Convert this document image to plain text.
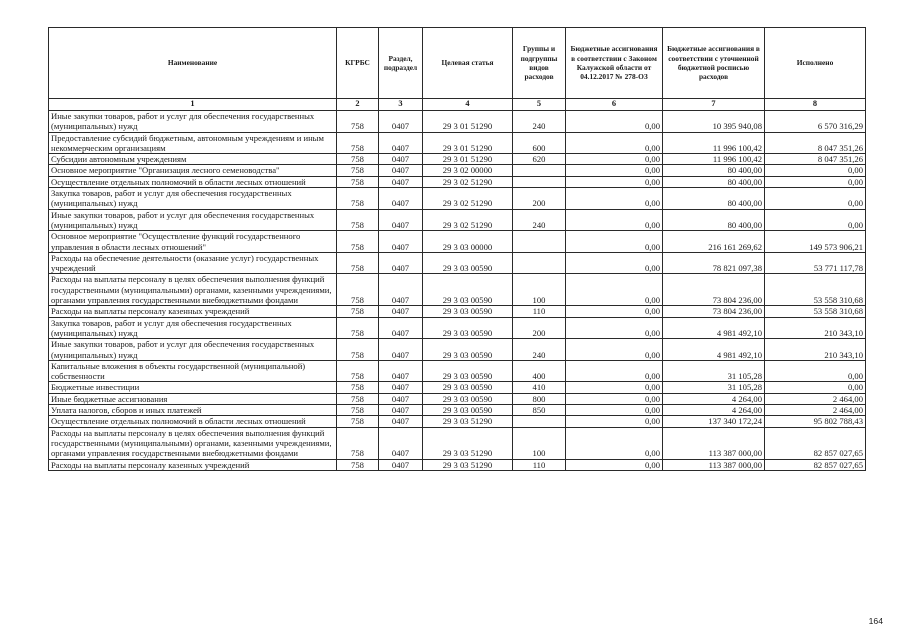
Наименование	КГРБС	Раздел, подраздел	Целевая статья	Группы и подгруппы видов расходов	Бюджетные ассигнования в соответствии с Законом Калужской области от 04.12.2017 № 278-ОЗ	Бюджетные ассигнования в соответствии с уточненной бюджетной росписью расходов	Исполнено
1	2	3	4	5	6	7	8
Иные закупки товаров, работ и услуг для обеспечения государственных (муниципальных) нужд	758	0407	29 3 01 51290	240	0,00	10 395 940,08	6 570 316,29
Предоставление субсидий бюджетным, автономным учреждениям и иным некоммерческим организациям	758	0407	29 3 01 51290	600	0,00	11 996 100,42	8 047 351,26
Субсидии автономным учреждениям	758	0407	29 3 01 51290	620	0,00	11 996 100,42	8 047 351,26
Основное мероприятие "Организация лесного семеноводства"	758	0407	29 3 02 00000		0,00	80 400,00	0,00
Осуществление отдельных полномочий в области лесных отношений	758	0407	29 3 02 51290		0,00	80 400,00	0,00
Закупка товаров, работ и услуг для обеспечения государственных (муниципальных) нужд	758	0407	29 3 02 51290	200	0,00	80 400,00	0,00
Иные закупки товаров, работ и услуг для обеспечения государственных (муниципальных) нужд	758	0407	29 3 02 51290	240	0,00	80 400,00	0,00
Основное мероприятие "Осуществление функций государственного управления в области лесных отношений"	758	0407	29 3 03 00000		0,00	216 161 269,62	149 573 906,21
Расходы на обеспечение деятельности (оказание услуг) государственных учреждений	758	0407	29 3 03 00590		0,00	78 821 097,38	53 771 117,78
Расходы на выплаты персоналу в целях обеспечения выполнения функций государственными (муниципальными) органами, казенными учреждениями, органами управления государственными внебюджетными фондами	758	0407	29 3 03 00590	100	0,00	73 804 236,00	53 558 310,68
Расходы на выплаты персоналу казенных учреждений	758	0407	29 3 03 00590	110	0,00	73 804 236,00	53 558 310,68
Закупка товаров, работ и услуг для обеспечения государственных (муниципальных) нужд	758	0407	29 3 03 00590	200	0,00	4 981 492,10	210 343,10
Иные закупки товаров, работ и услуг для обеспечения государственных (муниципальных) нужд	758	0407	29 3 03 00590	240	0,00	4 981 492,10	210 343,10
Капитальные вложения в объекты государственной (муниципальной) собственности	758	0407	29 3 03 00590	400	0,00	31 105,28	0,00
Бюджетные инвестиции	758	0407	29 3 03 00590	410	0,00	31 105,28	0,00
Иные бюджетные ассигнования	758	0407	29 3 03 00590	800	0,00	4 264,00	2 464,00
Уплата налогов, сборов и иных платежей	758	0407	29 3 03 00590	850	0,00	4 264,00	2 464,00
Осуществление отдельных полномочий в области лесных отношений	758	0407	29 3 03 51290		0,00	137 340 172,24	95 802 788,43
Расходы на выплаты персоналу в целях обеспечения выполнения функций государственными (муниципальными) органами, казенными учреждениями, органами управления государственными внебюджетными фондами	758	0407	29 3 03 51290	100	0,00	113 387 000,00	82 857 027,65
Расходы на выплаты персоналу казенных учреждений	758	0407	29 3 03 51290	110	0,00	113 387 000,00	82 857 027,65
164
